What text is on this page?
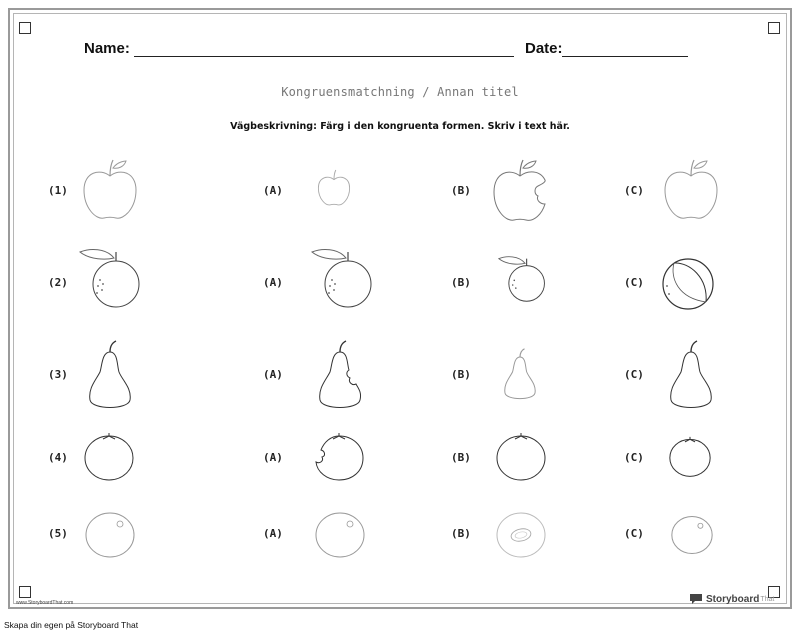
Name:	Date:
Kongruensmatchning / Annan titel
Vägbeskrivning: Färg i den kongruenta formen. Skriv i text här.
(1)	(A)	(B)	(C)
(2)	(A)	(B)	(C)
(3)	(A)	(B)	(C)
(4)	(A)	(B)	(C)
(5)	(A)	(B)	(C)
www.StoryboardThat.com	Storyboard That
Skapa din egen på Storyboard That
